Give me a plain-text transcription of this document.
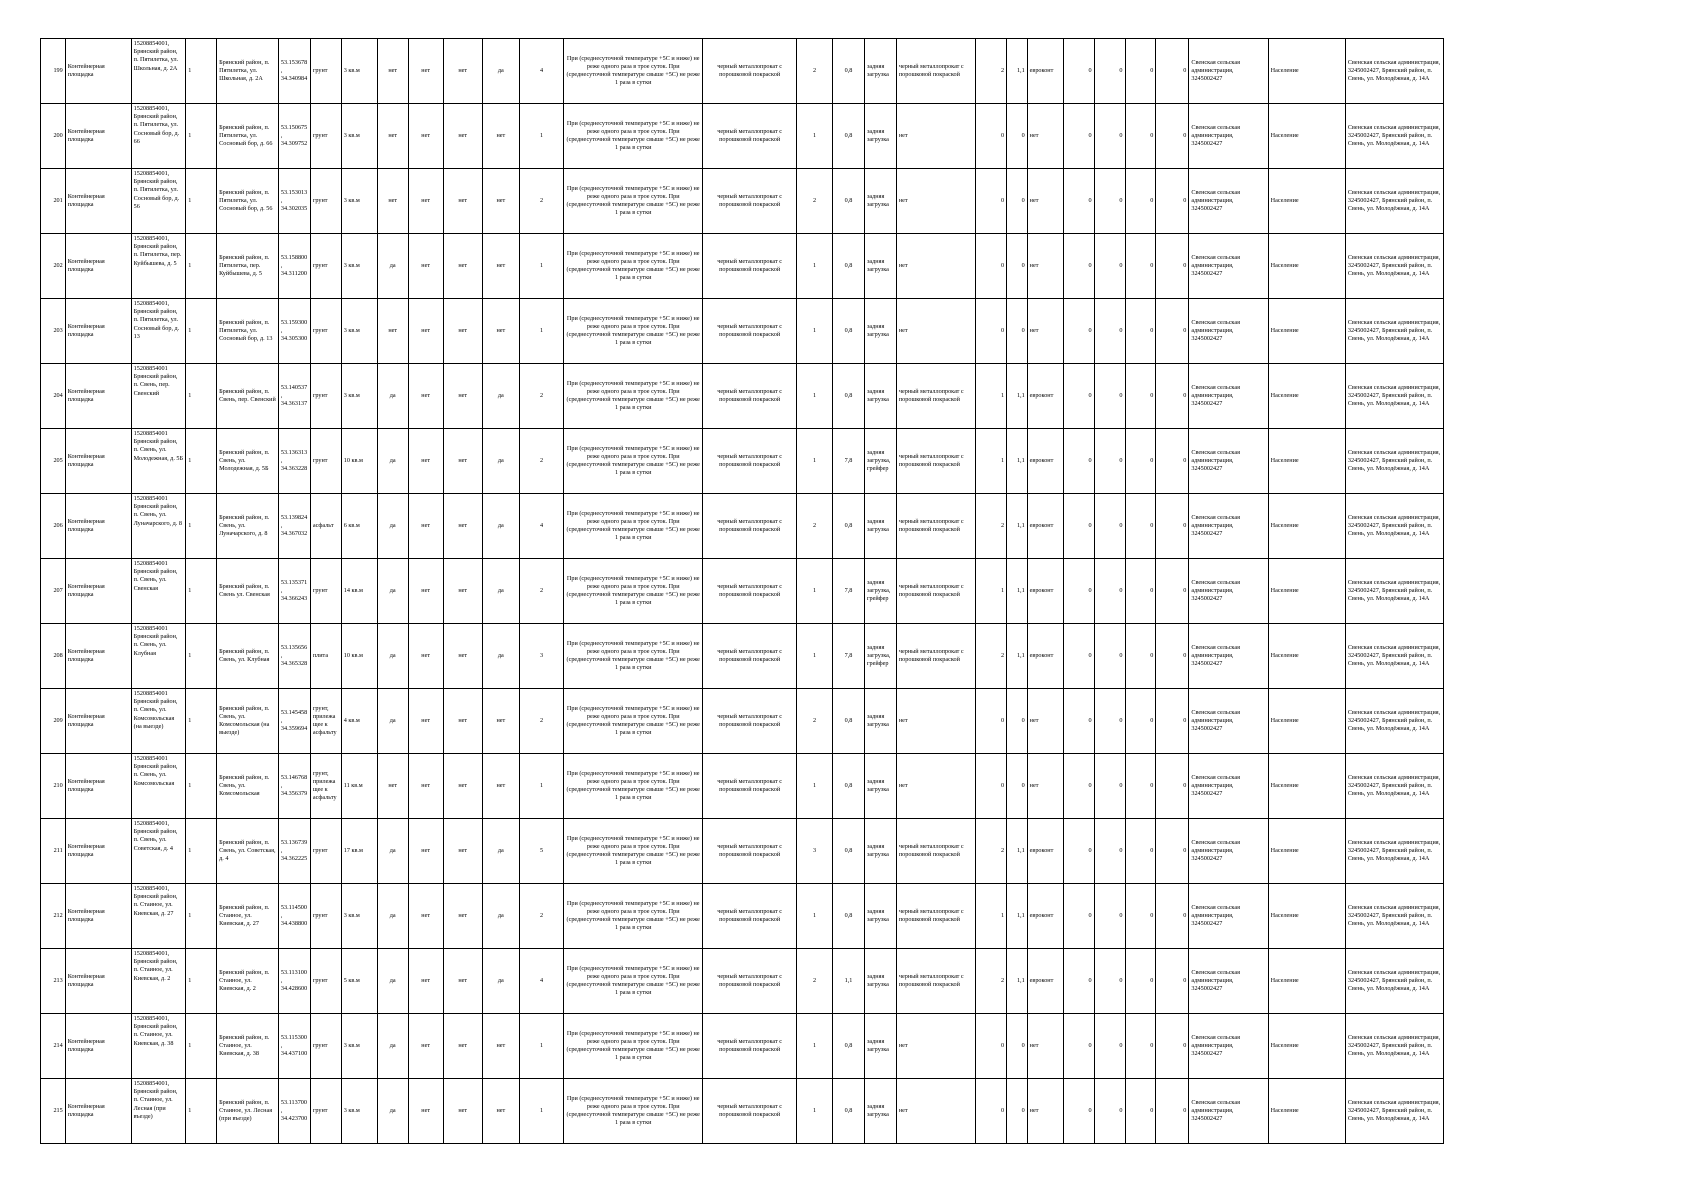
199	Контейнерная площадка	15208854001, Брянский район, п. Пятилетка, ул. Школьная, д. 2А	1	Брянский район, п. Пятилетка, ул. Школьная, д. 2А	53.153678, 34.340984	грунт	3 кв.м	нет	нет	нет	да	4	При (среднесуточной температуре +5С и ниже) не реже одного раза в трое суток. При (среднесуточной температуре свыше +5С) не реже 1 раза в сутки	черный металлопрокат с порошковой покраской	2	0,8	задняя загрузка	черный металлопрокат с порошковой покраской	2	1,1	евроконт	0	0	0	0	Свенская сельская администрация, 3245002427	Население	Свенская сельская администрация, 3245002427, Брянский район, п. Свень, ул. Молодёжная, д. 14А
200	Контейнерная площадка	15208854001, Брянский район, п. Пятилетка, ул. Сосновый бор, д. 66	1	Брянский район, п. Пятилетка, ул. Сосновый бор, д. 66	53.150675, 34.309752	грунт	3 кв.м	нет	нет	нет	нет	1	При (среднесуточной температуре +5С и ниже) не реже одного раза в трое суток. При (среднесуточной температуре свыше +5С) не реже 1 раза в сутки	черный металлопрокат с порошковой покраской	1	0,8	задняя загрузка	нет	0	0	нет	0	0	0	0	Свенская сельская администрация, 3245002427	Население	Свенская сельская администрация, 3245002427, Брянский район, п. Свень, ул. Молодёжная, д. 14А
201	Контейнерная площадка	15208854001, Брянский район, п. Пятилетка, ул. Сосновый бор, д. 56	1	Брянский район, п. Пятилетка, ул. Сосновый бор, д. 56	53.153013, 34.302035	грунт	3 кв.м	нет	нет	нет	нет	2	При (среднесуточной температуре +5С и ниже) не реже одного раза в трое суток. При (среднесуточной температуре свыше +5С) не реже 1 раза в сутки	черный металлопрокат с порошковой покраской	2	0,8	задняя загрузка	нет	0	0	нет	0	0	0	0	Свенская сельская администрация, 3245002427	Население	Свенская сельская администрация, 3245002427, Брянский район, п. Свень, ул. Молодёжная, д. 14А
202	Контейнерная площадка	15208854001, Брянский район, п. Пятилетка, пер. Куйбышева, д. 5	1	Брянский район, п. Пятилетка, пер. Куйбышева, д. 5	53.158800, 34.311200	грунт	3 кв.м	да	нет	нет	нет	1	При (среднесуточной температуре +5С и ниже) не реже одного раза в трое суток. При (среднесуточной температуре свыше +5С) не реже 1 раза в сутки	черный металлопрокат с порошковой покраской	1	0,8	задняя загрузка	нет	0	0	нет	0	0	0	0	Свенская сельская администрация, 3245002427	Население	Свенская сельская администрация, 3245002427, Брянский район, п. Свень, ул. Молодёжная, д. 14А
203	Контейнерная площадка	15208854001, Брянский район, п. Пятилетка, ул. Сосновый бор, д. 13	1	Брянский район, п. Пятилетка, ул. Сосновый бор, д. 13	53.159300, 34.305300	грунт	3 кв.м	нет	нет	нет	нет	1	При (среднесуточной температуре +5С и ниже) не реже одного раза в трое суток. При (среднесуточной температуре свыше +5С) не реже 1 раза в сутки	черный металлопрокат с порошковой покраской	1	0,8	задняя загрузка	нет	0	0	нет	0	0	0	0	Свенская сельская администрация, 3245002427	Население	Свенская сельская администрация, 3245002427, Брянский район, п. Свень, ул. Молодёжная, д. 14А
204	Контейнерная площадка	15208854001 Брянский район, п. Свень, пер. Свенский	1	Брянский район, п. Свень, пер. Свенский	53.140537, 34.363137	грунт	3 кв.м	да	нет	нет	да	2	При (среднесуточной температуре +5С и ниже) не реже одного раза в трое суток. При (среднесуточной температуре свыше +5С) не реже 1 раза в сутки	черный металлопрокат с порошковой покраской	1	0,8	задняя загрузка	черный металлопрокат с порошковой покраской	1	1,1	евроконт	0	0	0	0	Свенская сельская администрация, 3245002427	Население	Свенская сельская администрация, 3245002427, Брянский район, п. Свень, ул. Молодёжная, д. 14А
205	Контейнерная площадка	15208854001 Брянский район, п. Свень, ул. Молодежная, д. 5Б	1	Брянский район, п. Свень, ул. Молодежная, д. 5Б	53.136313, 34.363228	грунт	10 кв.м	да	нет	нет	да	2	При (среднесуточной температуре +5С и ниже) не реже одного раза в трое суток. При (среднесуточной температуре свыше +5С) не реже 1 раза в сутки	черный металлопрокат с порошковой покраской	1	7,8	задняя загрузка, грейфер	черный металлопрокат с порошковой покраской	1	1,1	евроконт	0	0	0	0	Свенская сельская администрация, 3245002427	Население	Свенская сельская администрация, 3245002427, Брянский район, п. Свень, ул. Молодёжная, д. 14А
206	Контейнерная площадка	15208854001 Брянский район, п. Свень, ул. Луначарского, д. 8	1	Брянский район, п. Свень, ул. Луначарского, д. 8	53.139824, 34.367032	асфальт	6 кв.м	да	нет	нет	да	4	При (среднесуточной температуре +5С и ниже) не реже одного раза в трое суток. При (среднесуточной температуре свыше +5С) не реже 1 раза в сутки	черный металлопрокат с порошковой покраской	2	0,8	задняя загрузка	черный металлопрокат с порошковой покраской	2	1,1	евроконт	0	0	0	0	Свенская сельская администрация, 3245002427	Население	Свенская сельская администрация, 3245002427, Брянский район, п. Свень, ул. Молодёжная, д. 14А
207	Контейнерная площадка	15208854001 Брянский район, п. Свень, ул. Свенская	1	Брянский район, п. Свень ул. Свенская	53.135371, 34.366243	грунт	14 кв.м	да	нет	нет	да	2	При (среднесуточной температуре +5С и ниже) не реже одного раза в трое суток. При (среднесуточной температуре свыше +5С) не реже 1 раза в сутки	черный металлопрокат с порошковой покраской	1	7,8	задняя загрузка, грейфер	черный металлопрокат с порошковой покраской	1	1,1	евроконт	0	0	0	0	Свенская сельская администрация, 3245002427	Население	Свенская сельская администрация, 3245002427, Брянский район, п. Свень, ул. Молодёжная, д. 14А
208	Контейнерная площадка	15208854001 Брянский район, п. Свень, ул. Клубная	1	Брянский район, п. Свень, ул. Клубная	53.135656, 34.365328	плита	10 кв.м	да	нет	нет	да	3	При (среднесуточной температуре +5С и ниже) не реже одного раза в трое суток. При (среднесуточной температуре свыше +5С) не реже 1 раза в сутки	черный металлопрокат с порошковой покраской	1	7,8	задняя загрузка, грейфер	черный металлопрокат с порошковой покраской	2	1,1	евроконт	0	0	0	0	Свенская сельская администрация, 3245002427	Население	Свенская сельская администрация, 3245002427, Брянский район, п. Свень, ул. Молодёжная, д. 14А
209	Контейнерная площадка	15208854001 Брянский район, п. Свень, ул. Комсомольская (на выезде)	1	Брянский район, п. Свень, ул. Комсомольская (на выезде)	53.145458, 34.359694	грунт, прилежащее к асфальту	4 кв.м	да	нет	нет	нет	2	При (среднесуточной температуре +5С и ниже) не реже одного раза в трое суток. При (среднесуточной температуре свыше +5С) не реже 1 раза в сутки	черный металлопрокат с порошковой покраской	2	0,8	задняя загрузка	нет	0	0	нет	0	0	0	0	Свенская сельская администрация, 3245002427	Население	Свенская сельская администрация, 3245002427, Брянский район, п. Свень, ул. Молодёжная, д. 14А
210	Контейнерная площадка	15208854001 Брянский район, п. Свень, ул. Комсомольская	1	Брянский район, п. Свень, ул. Комсомольская	53.146768, 34.356379	грунт, прилежащее к асфальту	11 кв.м	нет	нет	нет	нет	1	При (среднесуточной температуре +5С и ниже) не реже одного раза в трое суток. При (среднесуточной температуре свыше +5С) не реже 1 раза в сутки	черный металлопрокат с порошковой покраской	1	0,8	задняя загрузка	нет	0	0	нет	0	0	0	0	Свенская сельская администрация, 3245002427	Население	Свенская сельская администрация, 3245002427, Брянский район, п. Свень, ул. Молодёжная, д. 14А
211	Контейнерная площадка	15208854001, Брянский район, п. Свень, ул. Советская, д. 4	1	Брянский район, п. Свень, ул. Советская, д. 4	53.136739, 34.362225	грунт	17 кв.м	да	нет	нет	да	5	При (среднесуточной температуре +5С и ниже) не реже одного раза в трое суток. При (среднесуточной температуре свыше +5С) не реже 1 раза в сутки	черный металлопрокат с порошковой покраской	3	0,8	задняя загрузка	черный металлопрокат с порошковой покраской	2	1,1	евроконт	0	0	0	0	Свенская сельская администрация, 3245002427	Население	Свенская сельская администрация, 3245002427, Брянский район, п. Свень, ул. Молодёжная, д. 14А
212	Контейнерная площадка	15208854001, Брянский район, п. Стаиное, ул. Киевская, д. 27	1	Брянский район, п. Стаиное, ул. Киевская, д. 27	53.114500, 34.438800	грунт	3 кв.м	да	нет	нет	да	2	При (среднесуточной температуре +5С и ниже) не реже одного раза в трое суток. При (среднесуточной температуре свыше +5С) не реже 1 раза в сутки	черный металлопрокат с порошковой покраской	1	0,8	задняя загрузка	черный металлопрокат с порошковой покраской	1	1,1	евроконт	0	0	0	0	Свенская сельская администрация, 3245002427	Население	Свенская сельская администрация, 3245002427, Брянский район, п. Свень, ул. Молодёжная, д. 14А
213	Контейнерная площадка	15208854001, Брянский район, п. Стаиное, ул. Киевская, д. 2	1	Брянский район, п. Стаиное, ул. Киевская, д. 2	53.113100, 34.428600	грунт	5 кв.м	да	нет	нет	да	4	При (среднесуточной температуре +5С и ниже) не реже одного раза в трое суток. При (среднесуточной температуре свыше +5С) не реже 1 раза в сутки	черный металлопрокат с порошковой покраской	2	1,1	задняя загрузка	черный металлопрокат с порошковой покраской	2	1,1	евроконт	0	0	0	0	Свенская сельская администрация, 3245002427	Население	Свенская сельская администрация, 3245002427, Брянский район, п. Свень, ул. Молодёжная, д. 14А
214	Контейнерная площадка	15208854001, Брянский район, п. Стаиное, ул. Киевская, д. 38	1	Брянский район, п. Стаиное, ул. Киевская, д. 38	53.115300, 34.437100	грунт	3 кв.м	да	нет	нет	нет	1	При (среднесуточной температуре +5С и ниже) не реже одного раза в трое суток. При (среднесуточной температуре свыше +5С) не реже 1 раза в сутки	черный металлопрокат с порошковой покраской	1	0,8	задняя загрузка	нет	0	0	нет	0	0	0	0	Свенская сельская администрация, 3245002427	Население	Свенская сельская администрация, 3245002427, Брянский район, п. Свень, ул. Молодёжная, д. 14А
215	Контейнерная площадка	15208854001, Брянский район, п. Стаиное, ул. Лесная (при въезде)	1	Брянский район, п. Стаиное, ул. Лесная (при въезде)	53.113700, 34.423700	грунт	3 кв.м	да	нет	нет	нет	1	При (среднесуточной температуре +5С и ниже) не реже одного раза в трое суток. При (среднесуточной температуре свыше +5С) не реже 1 раза в сутки	черный металлопрокат с порошковой покраской	1	0,8	задняя загрузка	нет	0	0	нет	0	0	0	0	Свенская сельская администрация, 3245002427	Население	Свенская сельская администрация, 3245002427, Брянский район, п. Свень, ул. Молодёжная, д. 14А
